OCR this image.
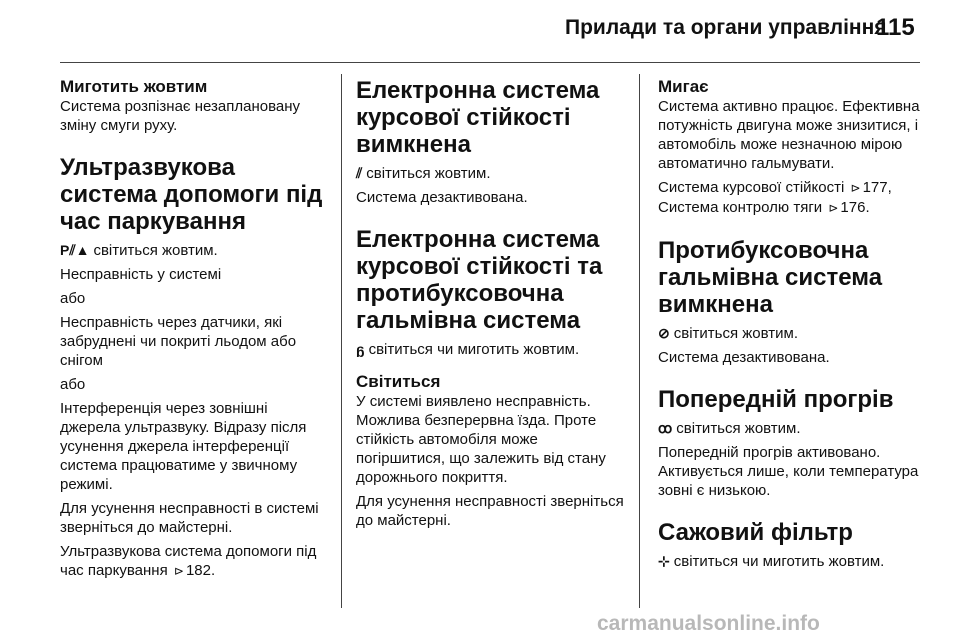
Прилади та органи управління
115

Миготить жовтим

Система розпізнає незаплановану зміну смуги руху.

Ультразвукова система допомоги під час паркування

P⫽▲ світиться жовтим.

Несправність у системі

або

Несправність через датчики, які забруднені чи покриті льодом або снігом

або

Інтерференція через зовнішні джерела ультразвуку. Відразу після усунення джерела інтерференції система працюватиме у звичному режимі.

Для усунення несправності в системі зверніться до майстерні.

Ультразвукова система допомоги під час паркування ⊳ 182.

Електронна система курсової стійкості вимкнена

⫽ світиться жовтим.

Система дезактивована.

Електронна система курсової стійкості та протибуксовочна гальмівна система

ᵷ світиться чи миготить жовтим.

Світиться

У системі виявлено несправність. Можлива безперервна їзда. Проте стійкість автомобіля може погіршитися, що залежить від стану дорожнього покриття.

Для усунення несправності зверніться до майстерні.

Мигає

Система активно працює. Ефективна потужність двигуна може знизитися, і автомобіль може незначною мірою автоматично гальмувати.

Система курсової стійкості ⊳ 177,
Система контролю тяги ⊳ 176.

Протибуксовочна гальмівна система вимкнена

⊘ світиться жовтим.

Система дезактивована.

Попередній прогрів

ꝏ світиться жовтим.

Попередній прогрів активовано. Активується лише, коли температура зовні є низькою.

Сажовий фільтр

⊹ світиться чи миготить жовтим.

carmanualsonline.info
